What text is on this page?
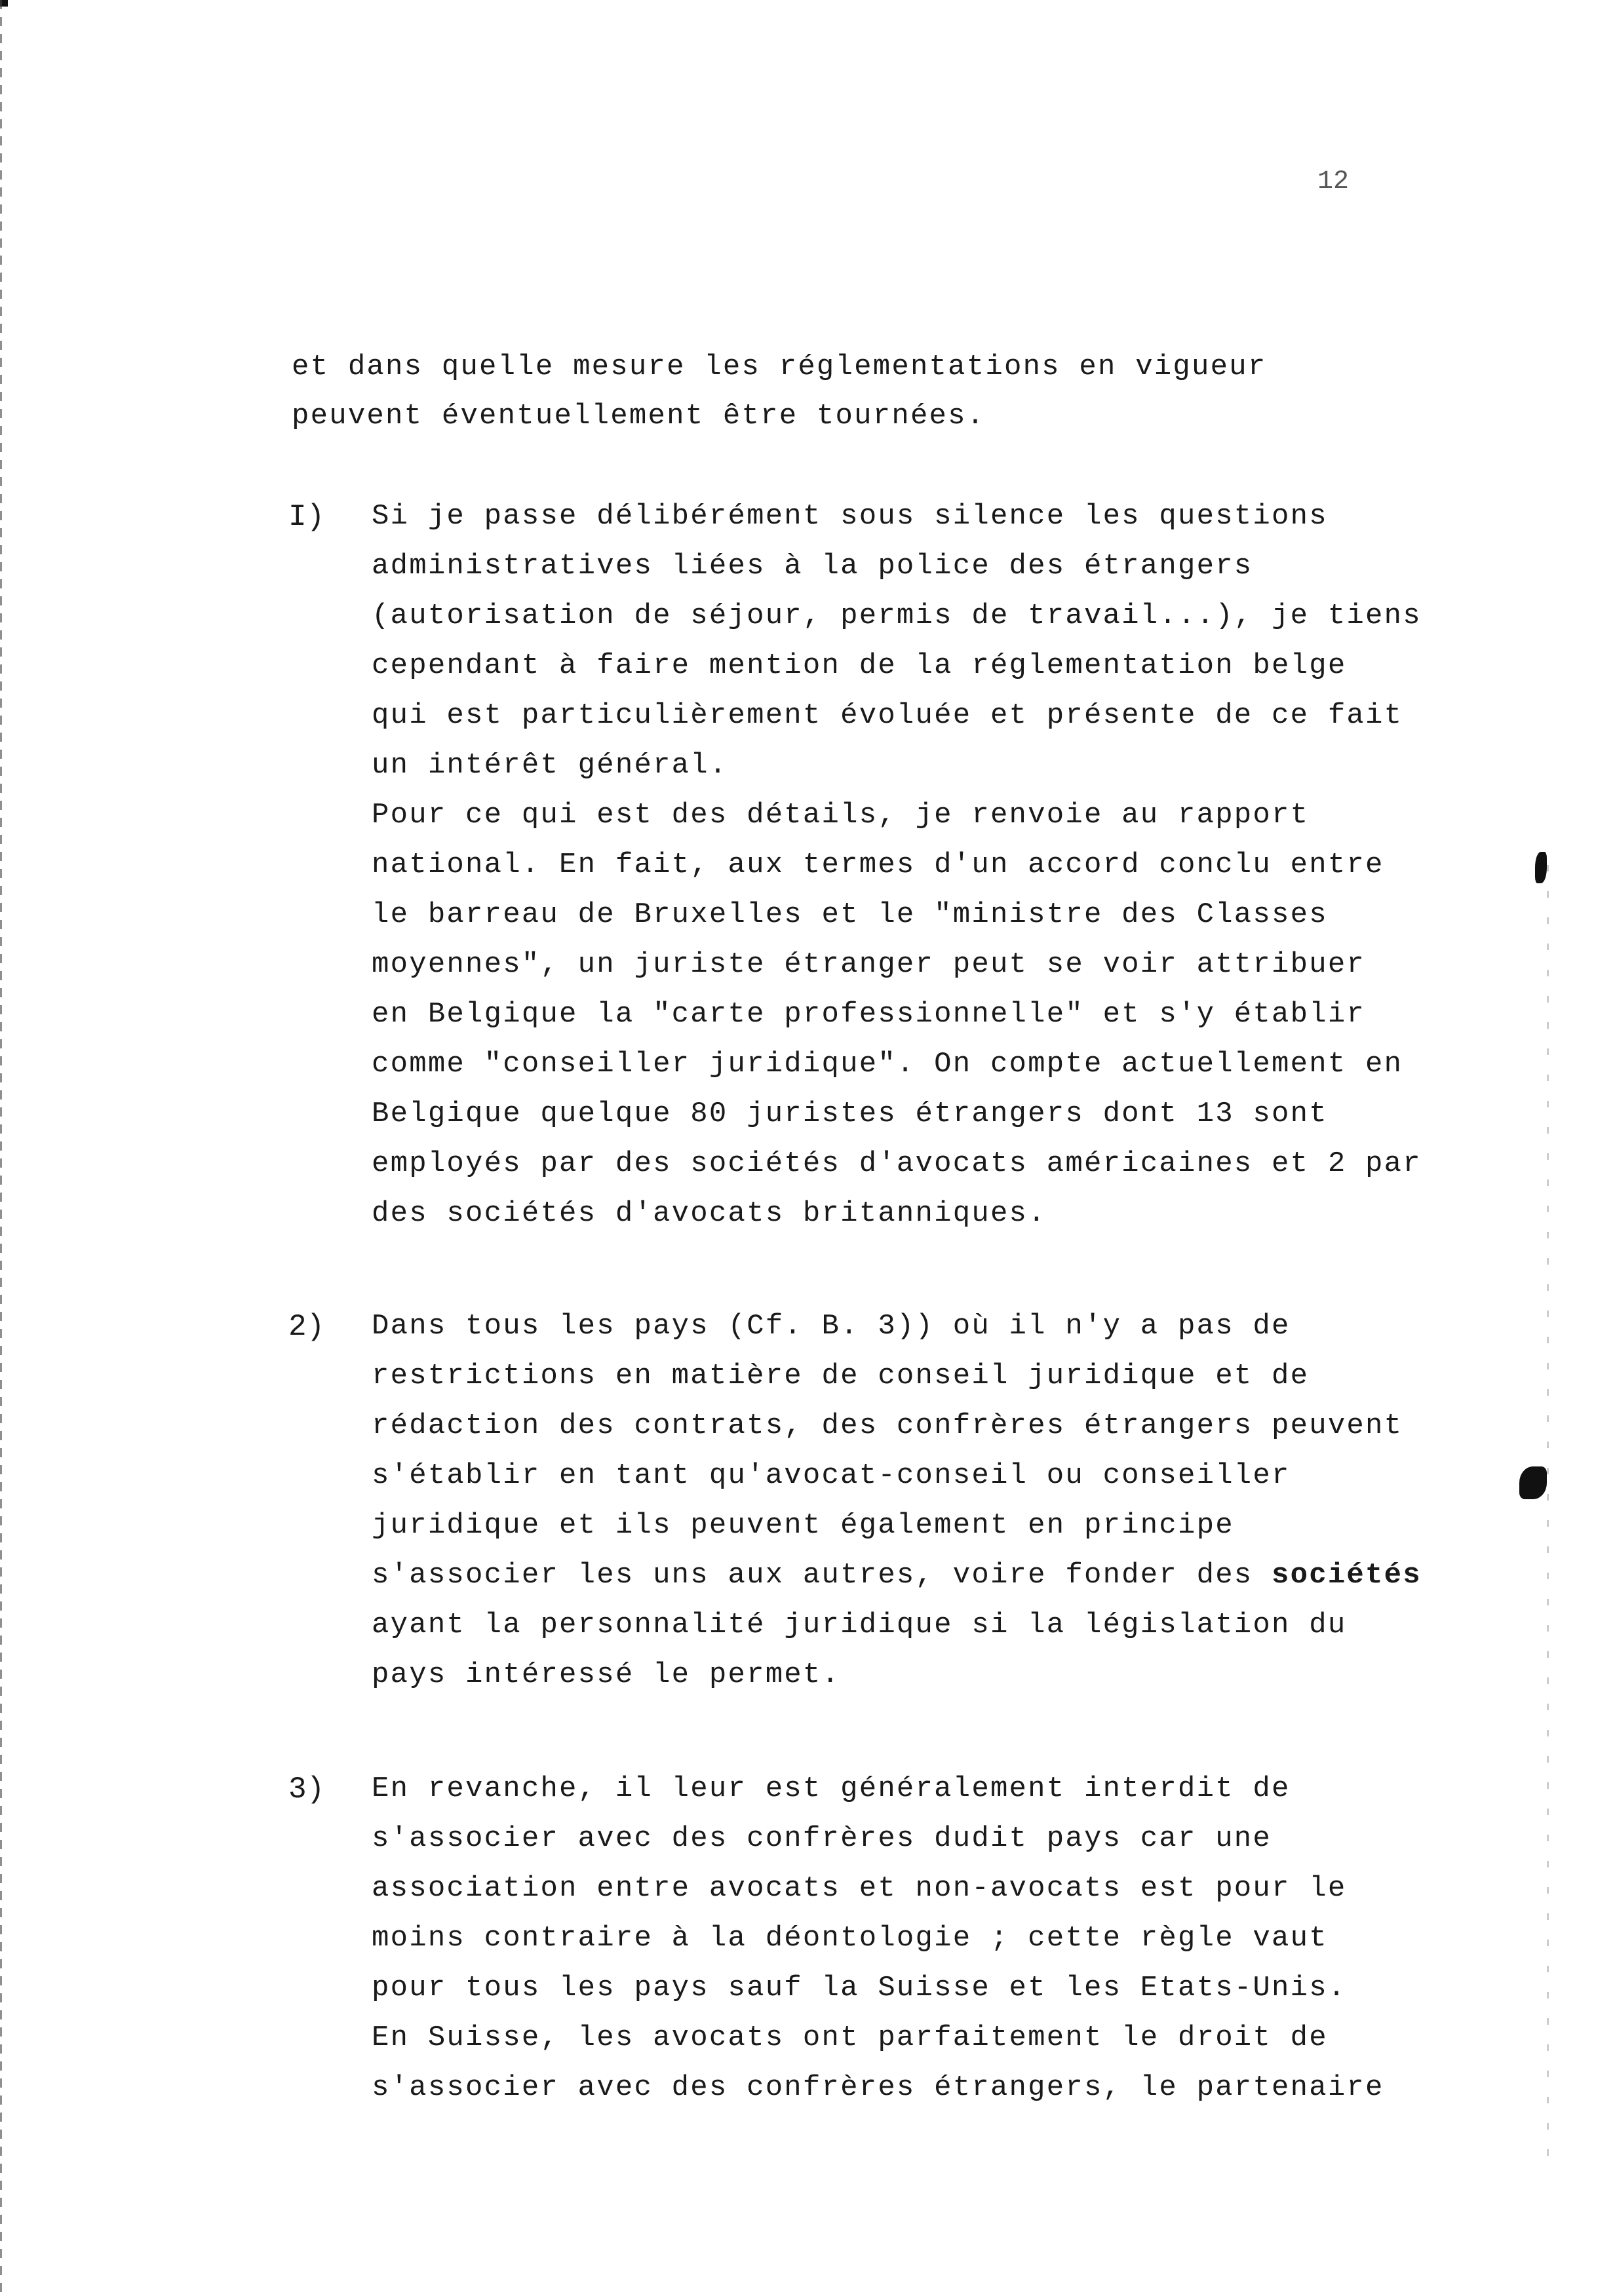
12
et dans quelle mesure les réglementations en vigueur
peuvent éventuellement être tournées.
I) Si je passe délibérément sous silence les questions
administratives liées à la police des étrangers
(autorisation de séjour, permis de travail...), je tiens
cependant à faire mention de la réglementation belge
qui est particulièrement évoluée et présente de ce fait
un intérêt général.
Pour ce qui est des détails, je renvoie au rapport
national. En fait, aux termes d'un accord conclu entre
le barreau de Bruxelles et le "ministre des Classes
moyennes", un juriste étranger peut se voir attribuer
en Belgique la "carte professionnelle" et s'y établir
comme "conseiller juridique". On compte actuellement en
Belgique quelque 80 juristes étrangers dont 13 sont
employés par des sociétés d'avocats américaines et 2 par
des sociétés d'avocats britanniques.
2) Dans tous les pays (Cf. B. 3)) où il n'y a pas de
restrictions en matière de conseil juridique et de
rédaction des contrats, des confrères étrangers peuvent
s'établir en tant qu'avocat-conseil ou conseiller
juridique et ils peuvent également en principe
s'associer les uns aux autres, voire fonder des sociétés
ayant la personnalité juridique si la législation du
pays intéressé le permet.
3) En revanche, il leur est généralement interdit de
s'associer avec des confrères dudit pays car une
association entre avocats et non-avocats est pour le
moins contraire à la déontologie ; cette règle vaut
pour tous les pays sauf la Suisse et les Etats-Unis.
En Suisse, les avocats ont parfaitement le droit de
s'associer avec des confrères étrangers, le partenaire
